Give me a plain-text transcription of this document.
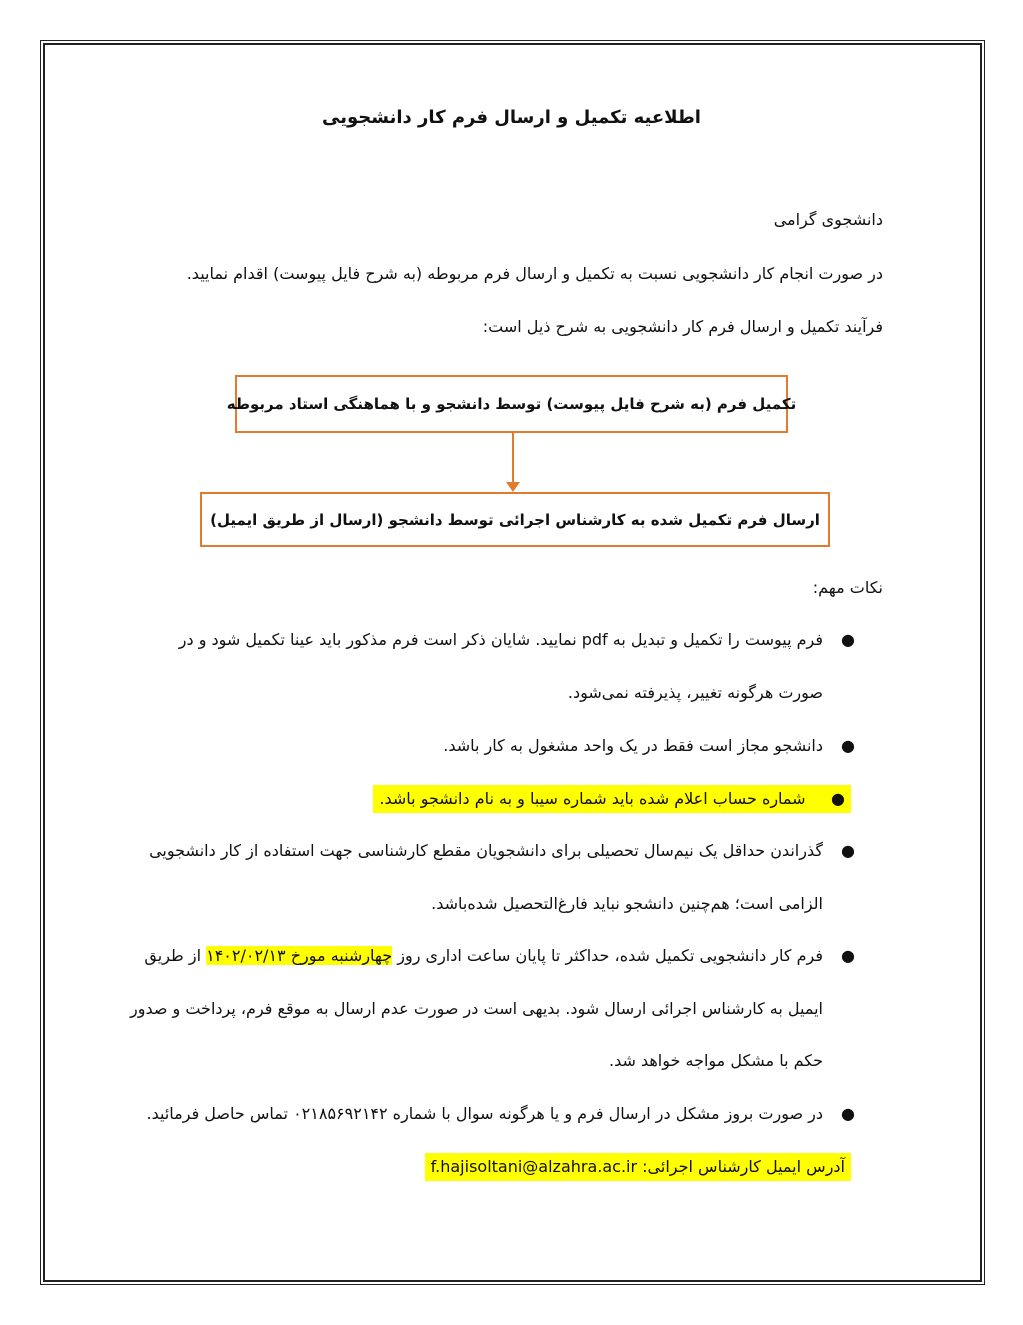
اطلاعیه تکمیل و ارسال فرم کار دانشجویی
دانشجوی گرامی
در صورت انجام کار دانشجویی نسبت به تکمیل و ارسال فرم مربوطه (به شرح فایل پیوست) اقدام نمایید.
فرآیند تکمیل و ارسال فرم کار دانشجویی به شرح ذیل است:
تکمیل فرم (به شرح فایل پیوست) توسط دانشجو و با هماهنگی استاد مربوطه
ارسال فرم تکمیل شده به کارشناس اجرائی توسط دانشجو (ارسال از طریق ایمیل)
نکات مهم:
●
فرم پیوست را تکمیل و تبدیل به pdf نمایید. شایان ذکر است فرم مذکور باید عینا تکمیل شود و در
صورت هرگونه تغییر، پذیرفته نمی‌شود.
●
دانشجو مجاز است فقط در یک واحد مشغول به کار باشد.
●     شماره حساب اعلام شده باید شماره سیبا و به نام دانشجو باشد.
●
گذراندن حداقل یک نیم‌سال تحصیلی برای دانشجویان مقطع کارشناسی جهت استفاده از کار دانشجویی
الزامی است؛ هم‌چنین دانشجو نباید فارغ‌التحصیل شده‌باشد.
●
فرم کار دانشجویی تکمیل شده، حداکثر تا پایان ساعت اداری روز چهارشنبه مورخ ۱۴۰۲/۰۲/۱۳ از طریق
ایمیل به کارشناس اجرائی ارسال شود. بدیهی است در صورت عدم ارسال به موقع فرم، پرداخت و صدور
حکم با مشکل مواجه خواهد شد.
●
در صورت بروز مشکل در ارسال فرم و یا هرگونه سوال با شماره ۰۲۱۸۵۶۹۲۱۴۲ تماس حاصل فرمائید.
آدرس ایمیل کارشناس اجرائی: f.hajisoltani@alzahra.ac.ir
